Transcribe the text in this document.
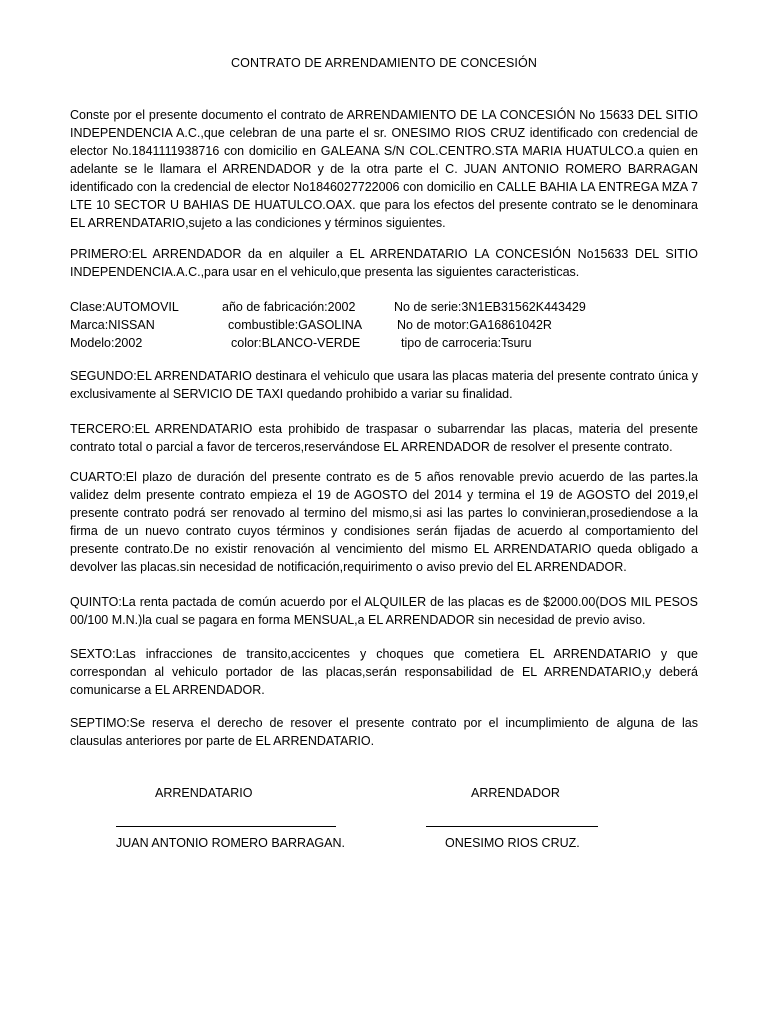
CONTRATO DE ARRENDAMIENTO DE CONCESIÓN

Conste por el presente documento el contrato de ARRENDAMIENTO DE LA CONCESIÓN No 15633 DEL SITIO INDEPENDENCIA A.C.,que celebran de una parte el sr. ONESIMO RIOS CRUZ identificado con credencial de elector No.1841111938716 con domicilio en GALEANA S/N COL.CENTRO.STA MARIA HUATULCO.a quien en adelante se le llamara el ARRENDADOR y de la otra parte el C. JUAN ANTONIO ROMERO BARRAGAN identificado con la credencial de elector No1846027722006 con domicilio en CALLE BAHIA LA ENTREGA MZA 7 LTE 10 SECTOR U BAHIAS DE HUATULCO.OAX. que para los efectos del presente contrato se le denominara EL ARRENDATARIO,sujeto a las condiciones y términos siguientes.

PRIMERO:EL ARRENDADOR da en alquiler a EL ARRENDATARIO LA CONCESIÓN No15633 DEL SITIO INDEPENDENCIA.A.C.,para usar en el vehiculo,que presenta las siguientes caracteristicas.

Clase:AUTOMOVIL	año de fabricación:2002	No de serie:3N1EB31562K443429
Marca:NISSAN	combustible:GASOLINA	No de motor:GA16861042R
Modelo:2002	color:BLANCO-VERDE	tipo de carroceria:Tsuru

SEGUNDO:EL ARRENDATARIO destinara el vehiculo que usara las placas materia del presente contrato única y exclusivamente al SERVICIO DE TAXI quedando prohibido a variar su finalidad.

TERCERO:EL ARRENDATARIO esta prohibido de traspasar o subarrendar las placas, materia del presente contrato total o parcial a favor de terceros,reservándose EL ARRENDADOR de resolver el presente contrato.

CUARTO:El plazo de duración del presente contrato es de 5 años renovable previo acuerdo de las partes.la validez delm presente contrato empieza el 19 de AGOSTO del 2014 y termina el 19 de AGOSTO del 2019,el presente contrato podrá ser renovado al termino del mismo,si asi las partes lo convinieran,prosediendose a la firma de un nuevo contrato cuyos términos y condisiones serán fijadas de acuerdo al comportamiento del presente contrato.De no existir renovación al vencimiento del mismo EL ARRENDATARIO queda obligado a devolver las placas.sin necesidad de notificación,requirimento o aviso previo del EL ARRENDADOR.

QUINTO:La renta pactada de común acuerdo por el ALQUILER de las placas es de $2000.00(DOS MIL PESOS 00/100 M.N.)la cual se pagara en forma MENSUAL,a EL ARRENDADOR sin necesidad de previo aviso.

SEXTO:Las infracciones de transito,accicentes y choques que cometiera EL ARRENDATARIO y que correspondan al vehiculo portador de las placas,serán responsabilidad de EL ARRENDATARIO,y deberá comunicarse a EL ARRENDADOR.

SEPTIMO:Se reserva el derecho de resover el presente contrato por el incumplimiento de alguna de las clausulas anteriores por parte de EL ARRENDATARIO.

ARRENDATARIO	ARRENDADOR
JUAN ANTONIO ROMERO BARRAGAN.	ONESIMO RIOS CRUZ.
